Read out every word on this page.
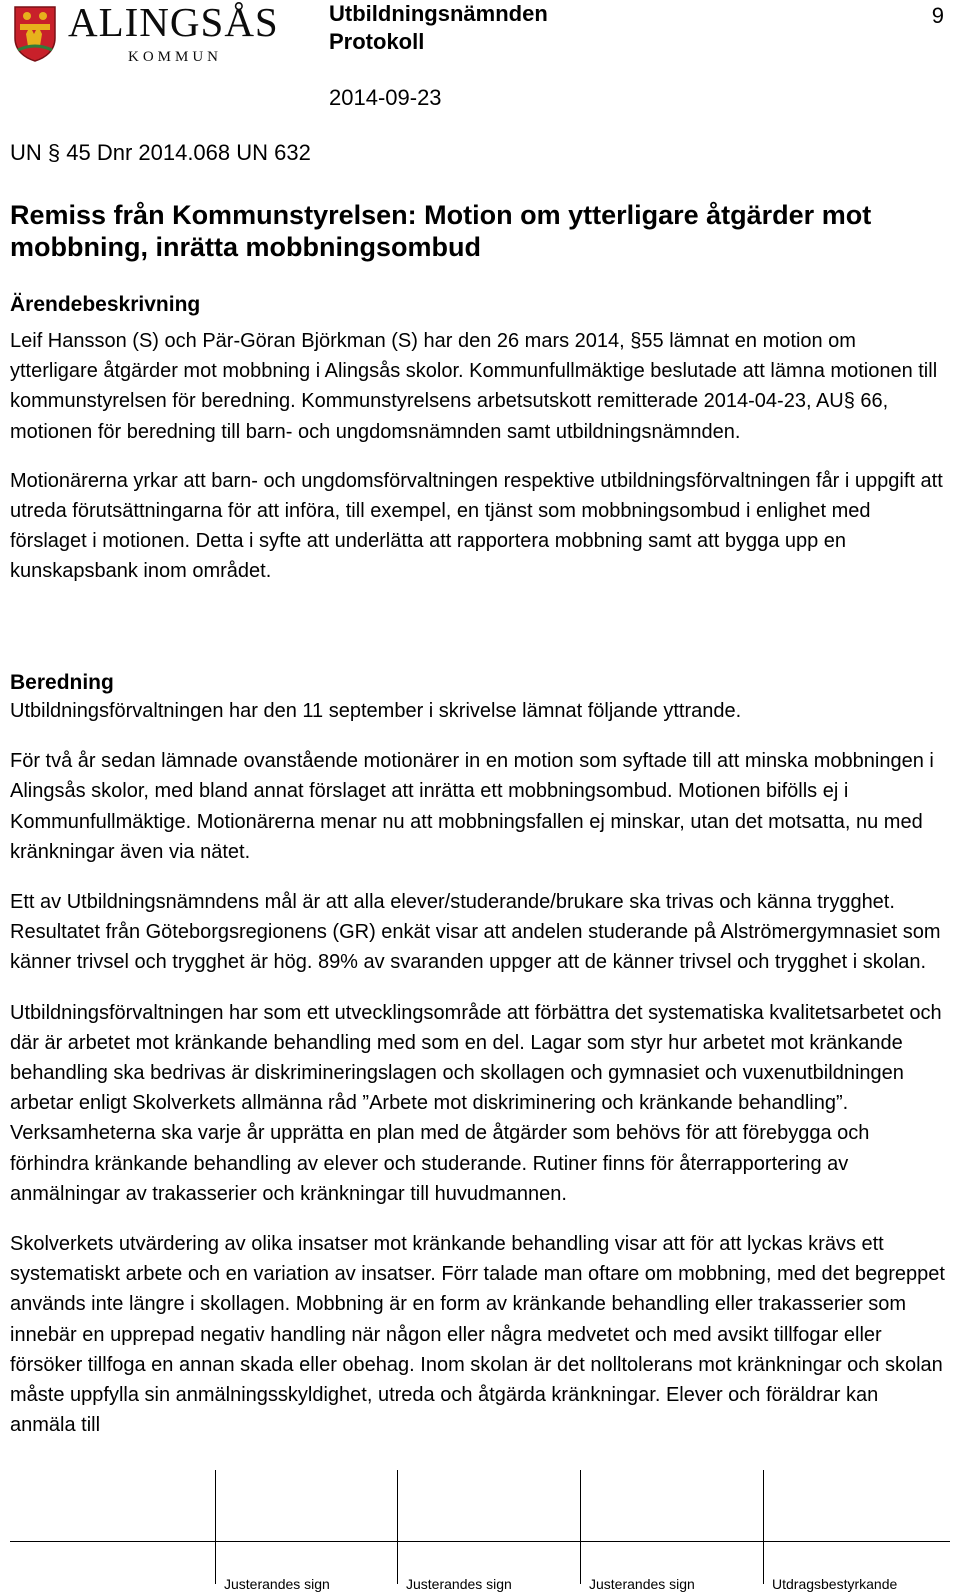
ALINGSÅS
KOMMUN
Utbildningsnämnden
Protokoll
2014-09-23
9
UN § 45 Dnr 2014.068 UN 632
Remiss från Kommunstyrelsen: Motion om ytterligare åtgärder mot mobbning, inrätta mobbningsombud
Ärendebeskrivning

Leif Hansson (S) och Pär-Göran Björkman (S) har den 26 mars 2014, §55 lämnat en motion om ytterligare åtgärder mot mobbning i Alingsås skolor. Kommunfullmäktige beslutade att lämna motionen till kommunstyrelsen för beredning. Kommunstyrelsens arbetsutskott remitterade 2014-04-23, AU§ 66, motionen för beredning till barn- och ungdomsnämnden samt utbildningsnämnden.

Motionärerna yrkar att barn- och ungdomsförvaltningen respektive utbildningsförvaltningen får i uppgift att utreda förutsättningarna för att införa, till exempel, en tjänst som mobbningsombud i enlighet med förslaget i motionen. Detta i syfte att underlätta att rapportera mobbning samt att bygga upp en kunskapsbank inom området.

Beredning

Utbildningsförvaltningen har den 11 september i skrivelse lämnat följande yttrande.

För två år sedan lämnade ovanstående motionärer in en motion som syftade till att minska mobbningen i Alingsås skolor, med bland annat förslaget att inrätta ett mobbningsombud. Motionen bifölls ej i Kommunfullmäktige. Motionärerna menar nu att mobbningsfallen ej minskar, utan det motsatta, nu med kränkningar även via nätet.

Ett av Utbildningsnämndens mål är att alla elever/studerande/brukare ska trivas och känna trygghet. Resultatet från Göteborgsregionens (GR) enkät visar att andelen studerande på Alströmergymnasiet som känner trivsel och trygghet är hög. 89% av svaranden uppger att de känner trivsel och trygghet i skolan.

Utbildningsförvaltningen har som ett utvecklingsområde att förbättra det systematiska kvalitetsarbetet och där är arbetet mot kränkande behandling med som en del. Lagar som styr hur arbetet mot kränkande behandling ska bedrivas är diskrimineringslagen och skollagen och gymnasiet och vuxenutbildningen arbetar enligt Skolverkets allmänna råd ”Arbete mot diskriminering och kränkande behandling”. Verksamheterna ska varje år upprätta en plan med de åtgärder som behövs för att förebygga och förhindra kränkande behandling av elever och studerande. Rutiner finns för återrapportering av anmälningar av trakasserier och kränkningar till huvudmannen.

Skolverkets utvärdering av olika insatser mot kränkande behandling visar att för att lyckas krävs ett systematiskt arbete och en variation av insatser. Förr talade man oftare om mobbning, med det begreppet används inte längre i skollagen. Mobbning är en form av kränkande behandling eller trakasserier som innebär en upprepad negativ handling när någon eller några medvetet och med avsikt tillfogar eller försöker tillfoga en annan skada eller obehag. Inom skolan är det nolltolerans mot kränkningar och skolan måste uppfylla sin anmälningsskyldighet, utreda och åtgärda kränkningar. Elever och föräldrar kan anmäla till

Justerandes sign	Justerandes sign	Justerandes sign	Utdragsbestyrkande
